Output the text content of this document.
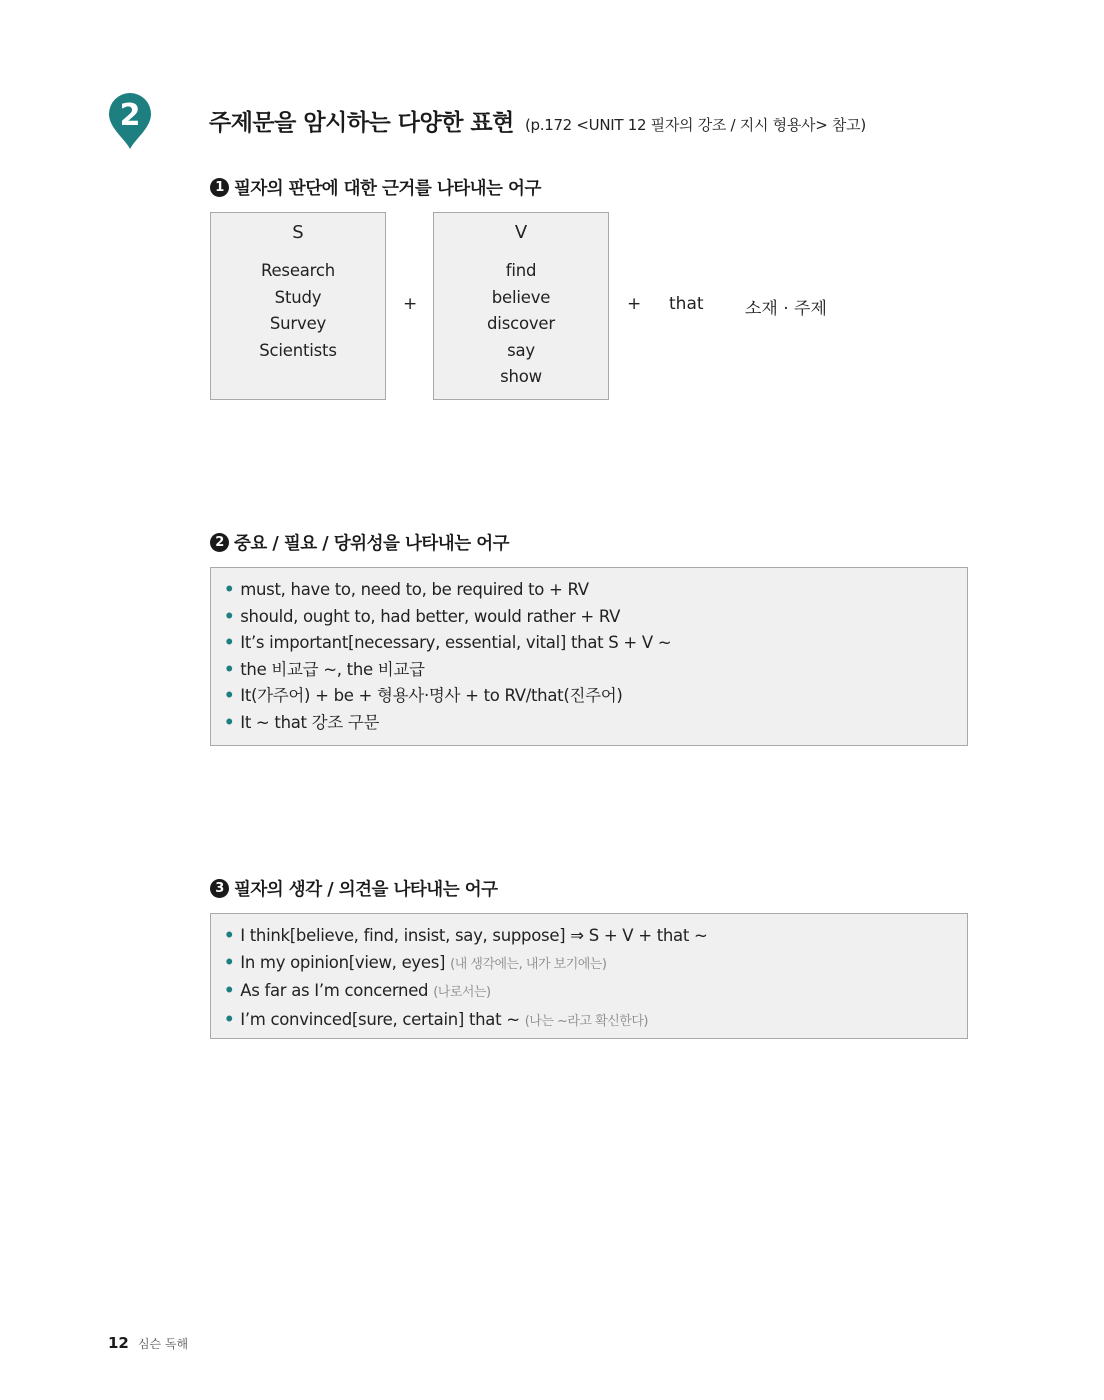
2	주제문을 암시하는 다양한 표현 (p.172 <UNIT 12 필자의 강조 / 지시 형용사> 참고)
1 필자의 판단에 대한 근거를 나타내는 어구
S
Research
Study
Survey
Scientists
+
V
find
believe
discover
say
show
+ that 소재 · 주제
2 중요 / 필요 / 당위성을 나타내는 어구
• must, have to, need to, be required to + RV
• should, ought to, had better, would rather + RV
• It’s important[necessary, essential, vital] that S + V ~
• the 비교급 ~, the 비교급
• It(가주어) + be + 형용사·명사 + to RV/that(진주어)
• It ~ that 강조 구문
3 필자의 생각 / 의견을 나타내는 어구
• I think[believe, find, insist, say, suppose] ⇒ S + V + that ~
• In my opinion[view, eyes] (내 생각에는, 내가 보기에는)
• As far as I’m concerned (나로서는)
• I’m convinced[sure, certain] that ~ (나는 ~라고 확신한다)
12 심슨 독해
